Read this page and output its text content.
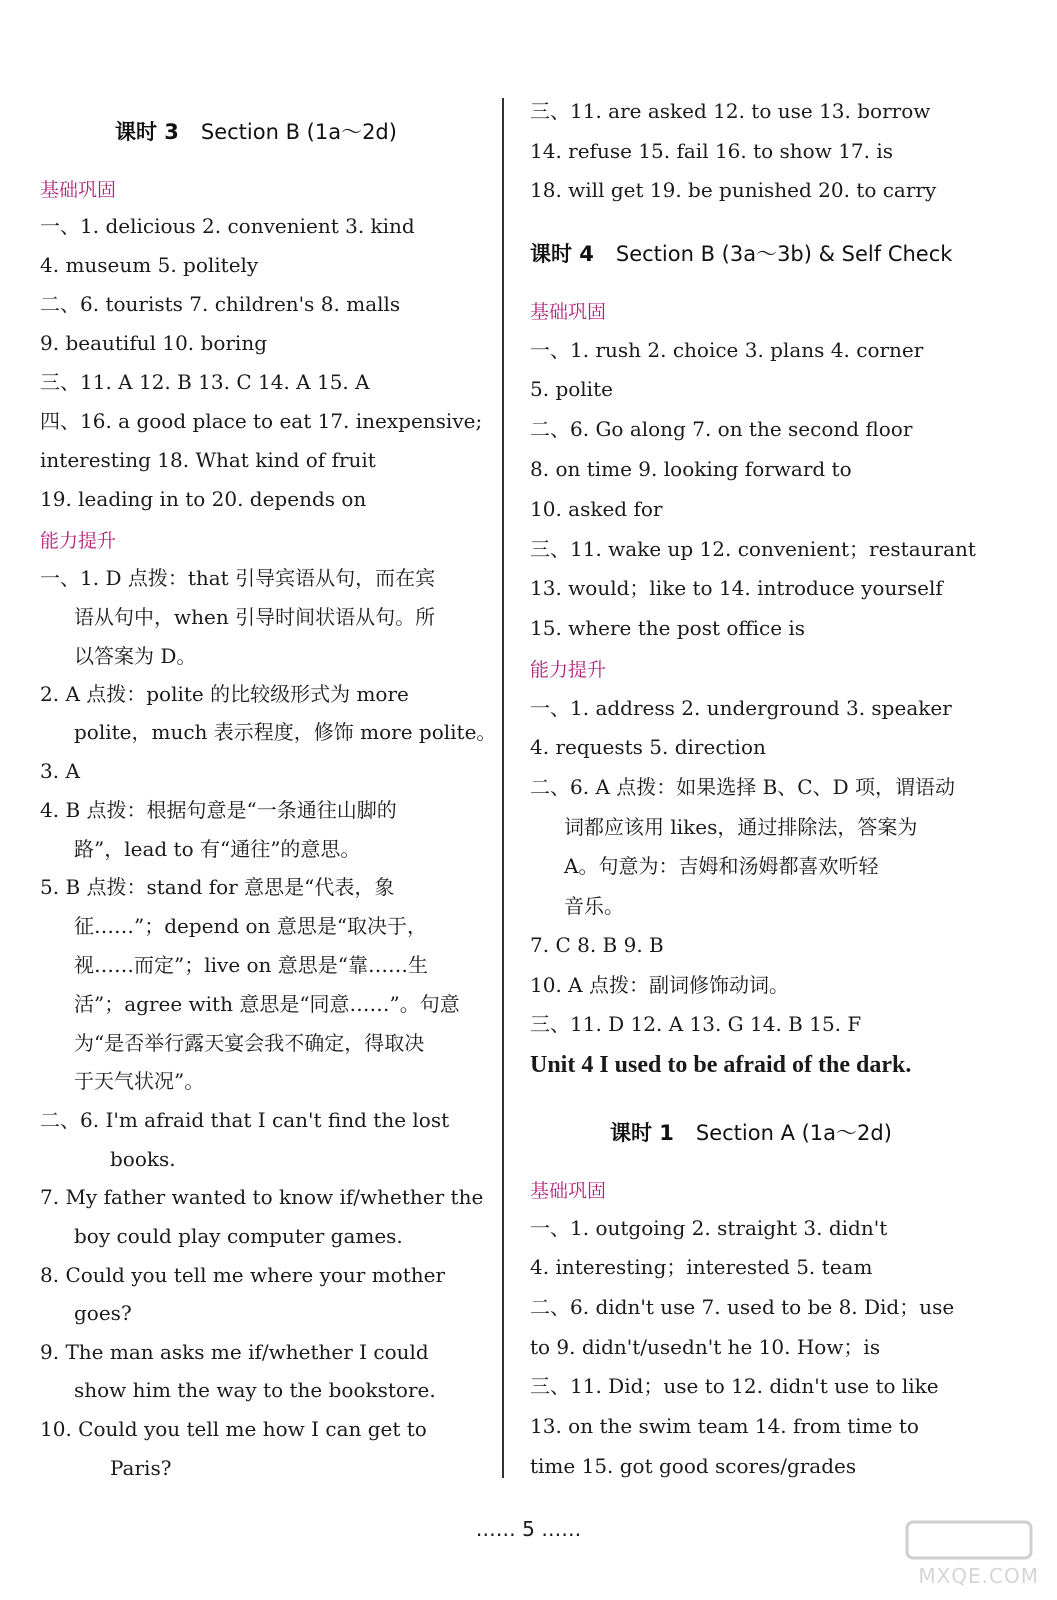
课时 3 Section B (1a～2d)
基础巩固
一、1. delicious 2. convenient 3. kind
4. museum 5. politely
二、6. tourists 7. children's 8. malls
9. beautiful 10. boring
三、11. A 12. B 13. C 14. A 15. A
四、16. a good place to eat 17. inexpensive;
interesting 18. What kind of fruit
19. leading in to 20. depends on
能力提升
一、1. D 点拨：that 引导宾语从句，而在宾
语从句中，when 引导时间状语从句。所
以答案为 D。
2. A 点拨：polite 的比较级形式为 more
polite，much 表示程度，修饰 more polite。
3. A
4. B 点拨：根据句意是“一条通往山脚的
路”，lead to 有“通往”的意思。
5. B 点拨：stand for 意思是“代表，象
征……”；depend on 意思是“取决于，
视……而定”；live on 意思是“靠……生
活”；agree with 意思是“同意……”。句意
为“是否举行露天宴会我不确定，得取决
于天气状况”。
二、6. I'm afraid that I can't find the lost
books.
7. My father wanted to know if/whether the
boy could play computer games.
8. Could you tell me where your mother
goes?
9. The man asks me if/whether I could
show him the way to the bookstore.
10. Could you tell me how I can get to
Paris?
三、11. are asked 12. to use 13. borrow
14. refuse 15. fail 16. to show 17. is
18. will get 19. be punished 20. to carry
课时 4 Section B (3a～3b) & Self Check
基础巩固
一、1. rush 2. choice 3. plans 4. corner
5. polite
二、6. Go along 7. on the second floor
8. on time 9. looking forward to
10. asked for
三、11. wake up 12. convenient；restaurant
13. would；like to 14. introduce yourself
15. where the post office is
能力提升
一、1. address 2. underground 3. speaker
4. requests 5. direction
二、6. A 点拨：如果选择 B、C、D 项，谓语动
词都应该用 likes，通过排除法，答案为
A。句意为：吉姆和汤姆都喜欢听轻
音乐。
7. C 8. B 9. B
10. A 点拨：副词修饰动词。
三、11. D 12. A 13. G 14. B 15. F
Unit 4 I used to be afraid of the dark.
课时 1 Section A (1a～2d)
基础巩固
一、1. outgoing 2. straight 3. didn't
4. interesting；interested 5. team
二、6. didn't use 7. used to be 8. Did；use
to 9. didn't/usedn't he 10. How；is
三、11. Did；use to 12. didn't use to like
13. on the swim team 14. from time to
time 15. got good scores/grades
…… 5 ……
MXQE.COM
